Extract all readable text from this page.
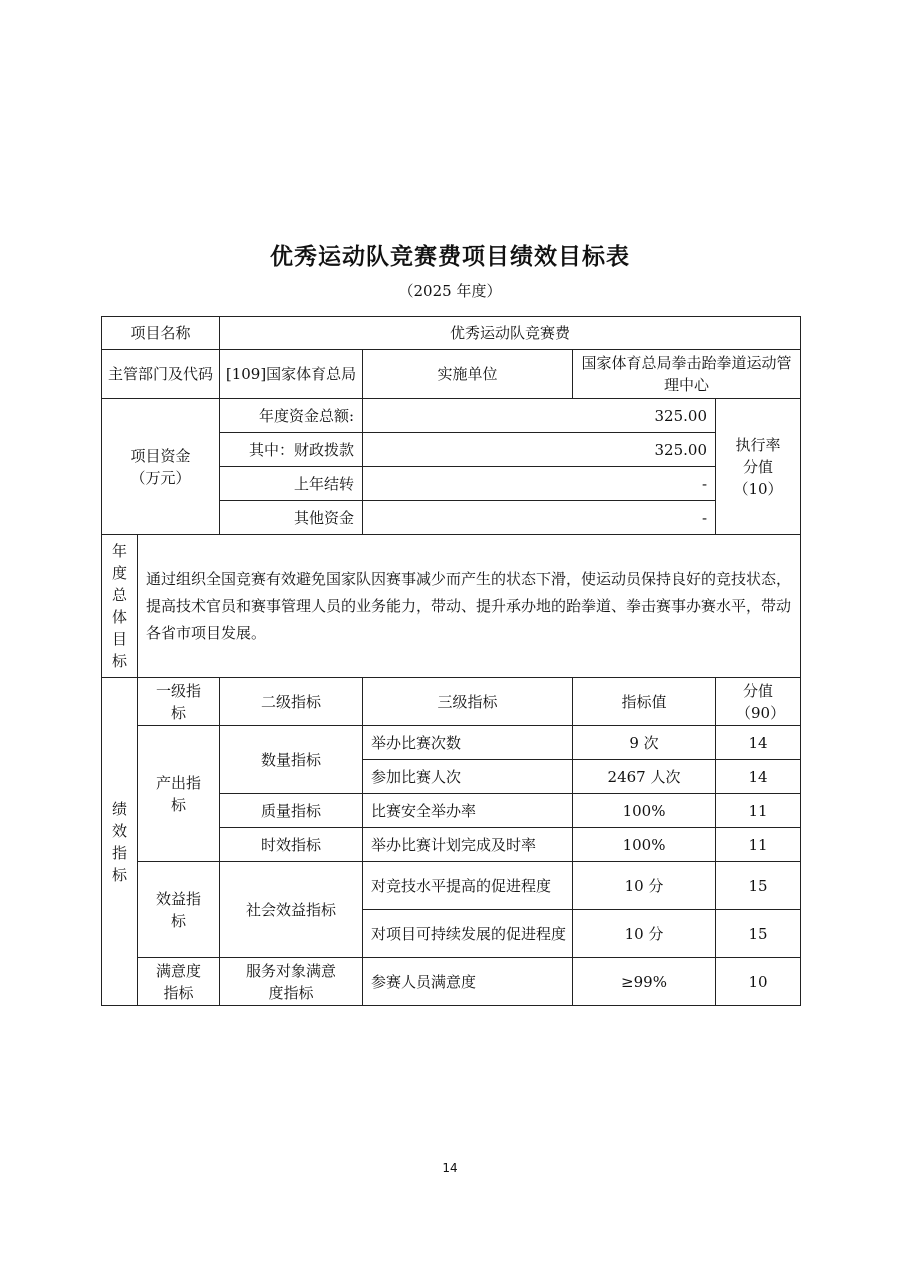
优秀运动队竞赛费项目绩效目标表
（2025 年度）
项目名称		优秀运动队竞赛费			
主管部门及代码		[109]国家体育总局	实施单位	国家体育总局拳击跆拳道运动管理中心	
项目资金（万元）		年度资金总额:	325.00		执行率分值（10）
		其中：财政拨款	325.00		
		上年结转	-		
		其他资金	-		

年度总体目标	通过组织全国竞赛有效避免国家队因赛事减少而产生的状态下滑，使运动员保持良好的竞技状态，提高技术官员和赛事管理人员的业务能力，带动、提升承办地的跆拳道、拳击赛事办赛水平，带动各省市项目发展。				

绩效指标	一级指标	二级指标	三级指标	指标值	分值（90）
	产出指标	数量指标	举办比赛次数	9 次	14
			参加比赛人次	2467 人次	14
		质量指标	比赛安全举办率	100%	11
		时效指标	举办比赛计划完成及时率	100%	11
	效益指标	社会效益指标	对竞技水平提高的促进程度	10 分	15
			对项目可持续发展的促进程度	10 分	15
	满意度指标	服务对象满意度指标	参赛人员满意度	≥99%	10
14
